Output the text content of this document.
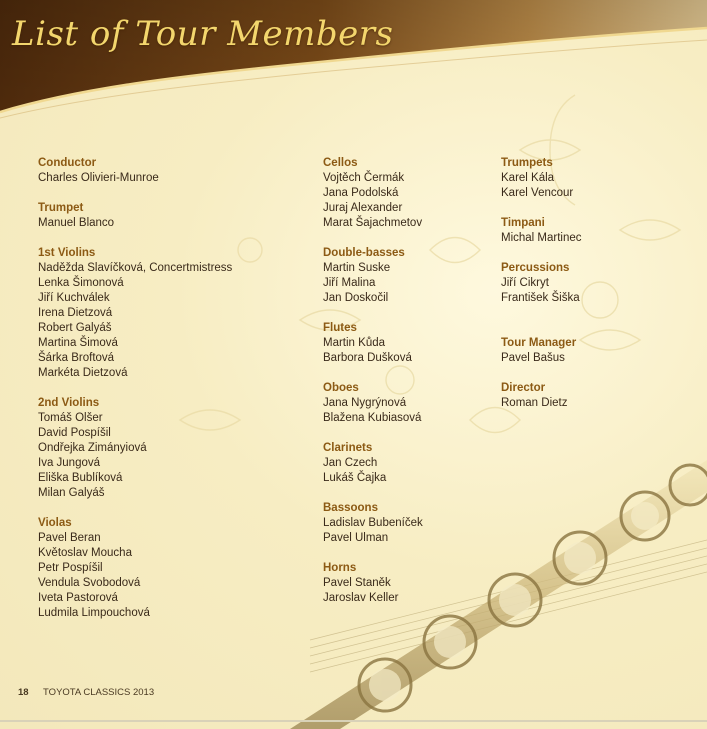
List of Tour Members
Conductor
Charles Olivieri-Munroe
Trumpet
Manuel Blanco
1st Violins
Naděžda Slavíčková, Concertmistress
Lenka Šimonová
Jiří Kuchválek
Irena Dietzová
Robert Galyáš
Martina Šimová
Šárka Broftová
Markéta Dietzová
2nd Violins
Tomáš Olšer
David Pospíšil
Ondřejka Zimányiová
Iva Jungová
Eliška Bublíková
Milan Galyáš
Violas
Pavel Beran
Květoslav Moucha
Petr Pospíšil
Vendula Svobodová
Iveta Pastorová
Ludmila Limpouchová
Cellos
Vojtěch Čermák
Jana Podolská
Juraj Alexander
Marat Šajachmetov
Double-basses
Martin Suske
Jiří Malina
Jan Doskočil
Flutes
Martin Kůda
Barbora Dušková
Oboes
Jana Nygrýnová
Blažena Kubiasová
Clarinets
Jan Czech
Lukáš Čajka
Bassoons
Ladislav Bubeníček
Pavel Ulman
Horns
Pavel Staněk
Jaroslav Keller
Trumpets
Karel Kála
Karel Vencour
Timpani
Michal Martinec
Percussions
Jiří Cikryt
František Šiška
Tour Manager
Pavel Bašus
Director
Roman Dietz
18 TOYOTA CLASSICS 2013
